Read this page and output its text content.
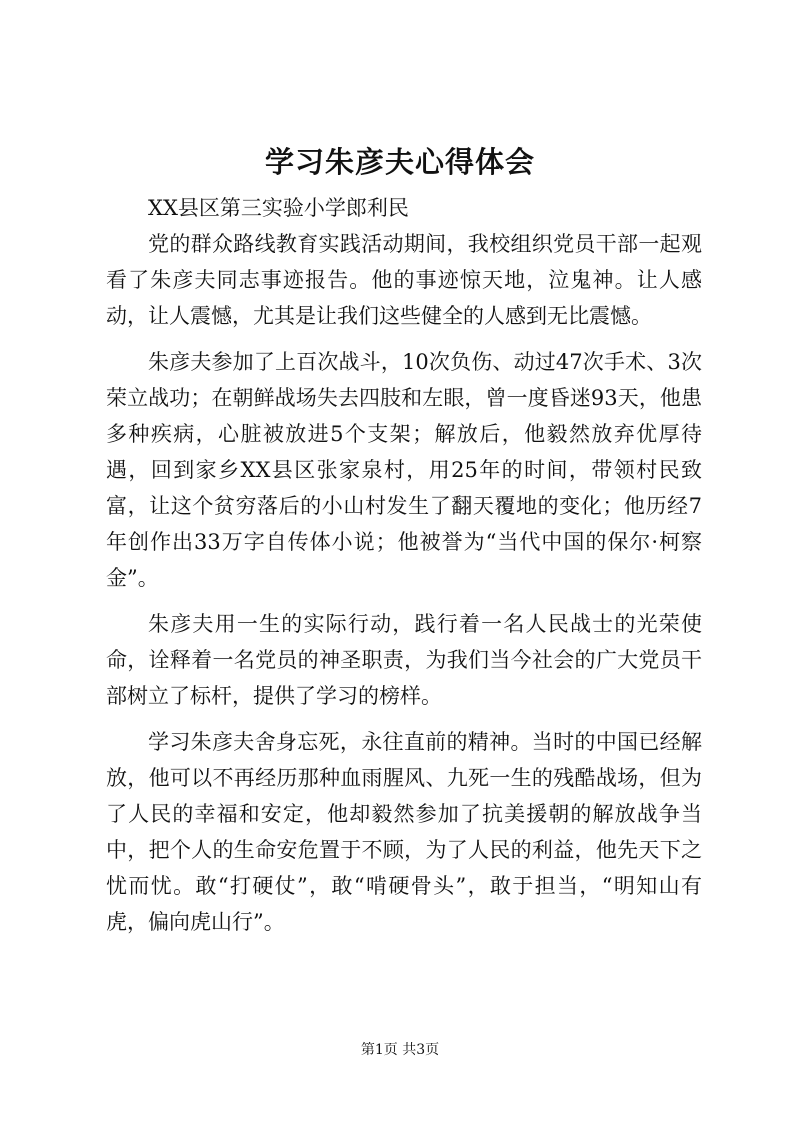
学习朱彦夫心得体会

XX县区第三实验小学郎利民

党的群众路线教育实践活动期间，我校组织党员干部一起观看了朱彦夫同志事迹报告。他的事迹惊天地，泣鬼神。让人感动，让人震憾，尤其是让我们这些健全的人感到无比震憾。

朱彦夫参加了上百次战斗，10次负伤、动过47次手术、3次荣立战功；在朝鲜战场失去四肢和左眼，曾一度昏迷93天，他患多种疾病，心脏被放进5个支架；解放后，他毅然放弃优厚待遇，回到家乡XX县区张家泉村，用25年的时间，带领村民致富，让这个贫穷落后的小山村发生了翻天覆地的变化；他历经7年创作出33万字自传体小说；他被誉为“当代中国的保尔·柯察金”。

朱彦夫用一生的实际行动，践行着一名人民战士的光荣使命，诠释着一名党员的神圣职责，为我们当今社会的广大党员干部树立了标杆，提供了学习的榜样。

学习朱彦夫舍身忘死，永往直前的精神。当时的中国已经解放，他可以不再经历那种血雨腥风、九死一生的残酷战场，但为了人民的幸福和安定，他却毅然参加了抗美援朝的解放战争当中，把个人的生命安危置于不顾，为了人民的利益，他先天下之忧而忧。敢“打硬仗”，敢“啃硬骨头”，敢于担当，“明知山有虎，偏向虎山行”。

第1页 共3页
